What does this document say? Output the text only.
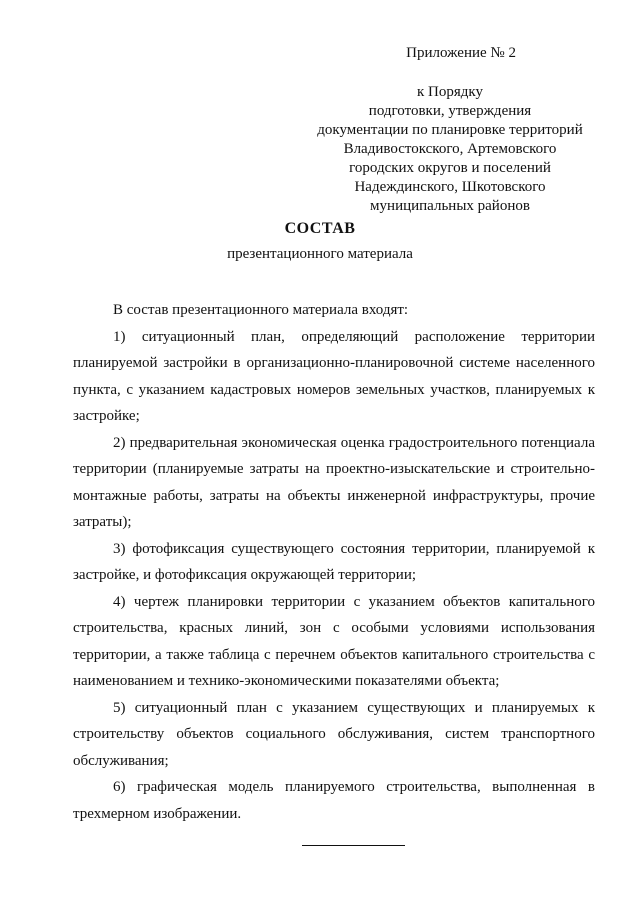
Приложение № 2
к Порядку
подготовки, утверждения
документации по планировке территорий
Владивостокского, Артемовского
городских округов и поселений
Надеждинского, Шкотовского
муниципальных районов
СОСТАВ
презентационного материала

В состав презентационного материала входят:

1) ситуационный план, определяющий расположение территории планируемой застройки в организационно-планировочной системе населенного пункта, с указанием кадастровых номеров земельных участков, планируемых к застройке;

2) предварительная экономическая оценка градостроительного потенциала территории (планируемые затраты на проектно-изыскательские и строительно-монтажные работы, затраты на объекты инженерной инфраструктуры, прочие затраты);

3) фотофиксация существующего состояния территории, планируемой к застройке, и фотофиксация окружающей территории;

4) чертеж планировки территории с указанием объектов капитального строительства, красных линий, зон с особыми условиями использования территории, а также таблица с перечнем объектов капитального строительства с наименованием и технико-экономическими показателями объекта;

5) ситуационный план с указанием существующих и планируемых к строительству объектов социального обслуживания, систем транспортного обслуживания;

6) графическая модель планируемого строительства, выполненная в трехмерном изображении.
